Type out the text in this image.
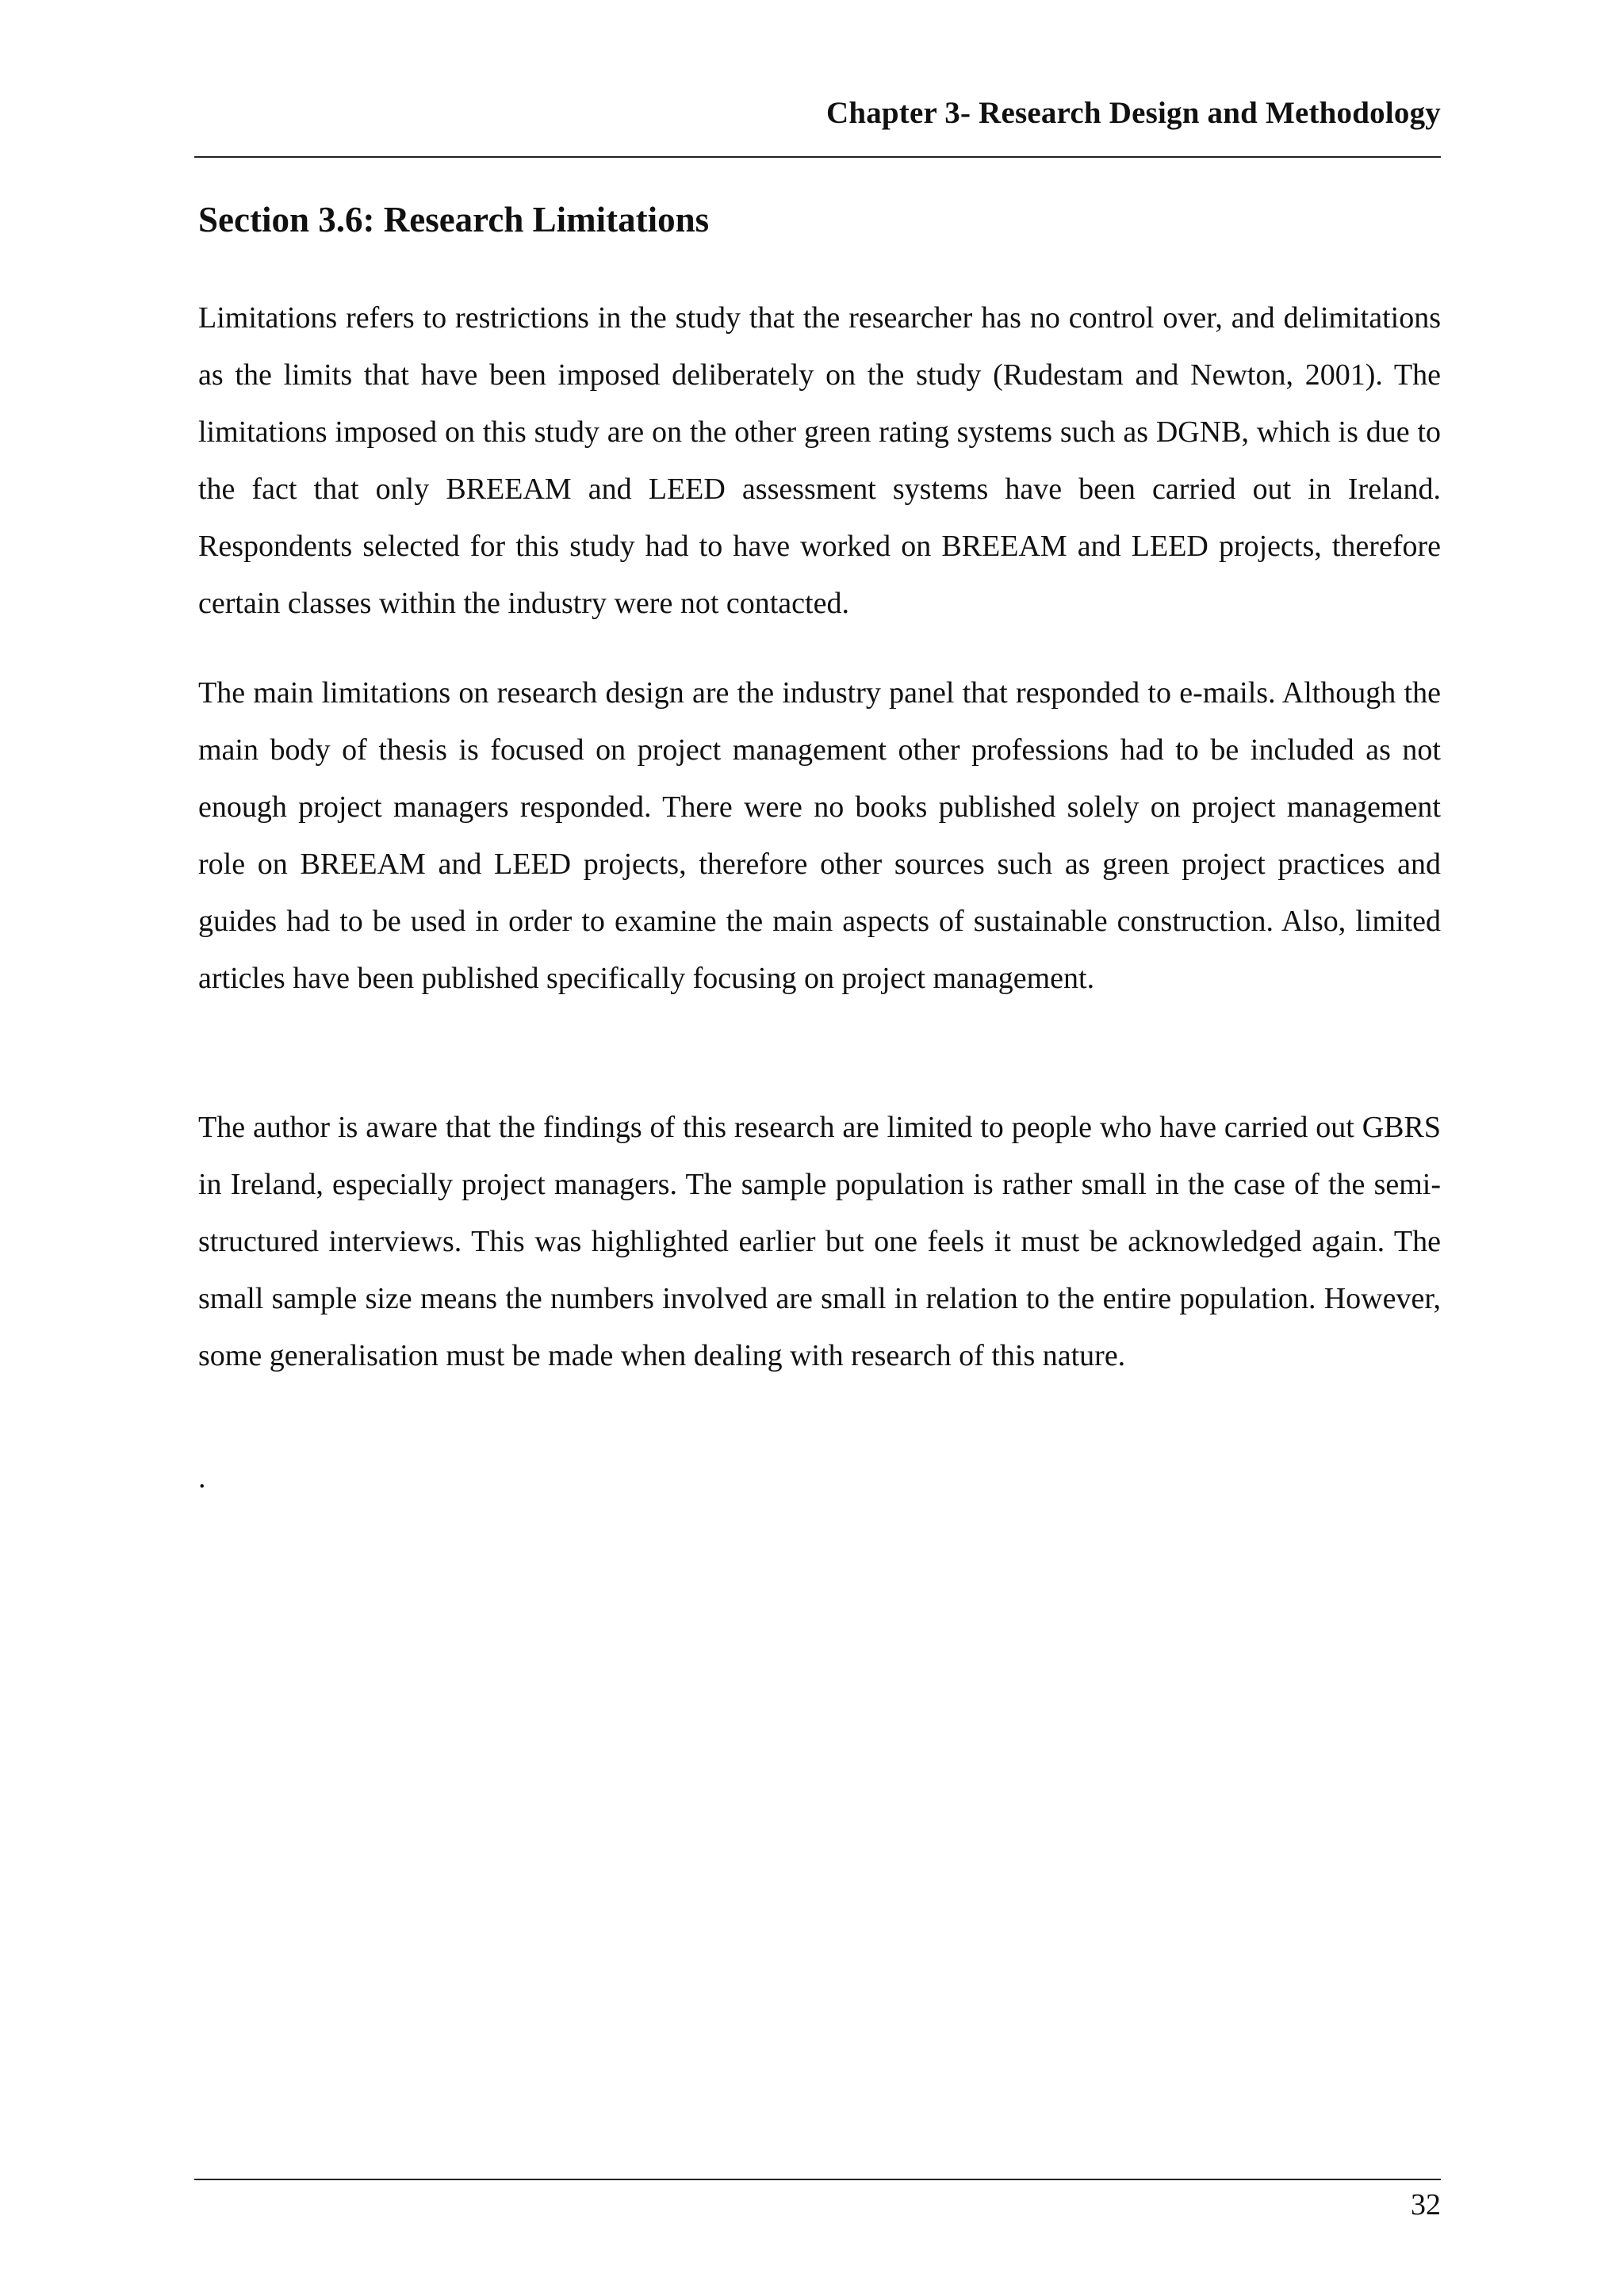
Chapter 3- Research Design and Methodology
Section 3.6: Research Limitations

Limitations refers to restrictions in the study that the researcher has no control over, and delimitations as the limits that have been imposed deliberately on the study (Rudestam and Newton, 2001). The limitations imposed on this study are on the other green rating systems such as DGNB, which is due to the fact that only BREEAM and LEED assessment systems have been carried out in Ireland. Respondents selected for this study had to have worked on BREEAM and LEED projects, therefore certain classes within the industry were not contacted.

The main limitations on research design are the industry panel that responded to e-mails. Although the main body of thesis is focused on project management other professions had to be included as not enough project managers responded. There were no books published solely on project management role on BREEAM and LEED projects, therefore other sources such as green project practices and guides had to be used in order to examine the main aspects of sustainable construction. Also, limited articles have been published specifically focusing on project management.

The author is aware that the findings of this research are limited to people who have carried out GBRS in Ireland, especially project managers. The sample population is rather small in the case of the semi-structured interviews. This was highlighted earlier but one feels it must be acknowledged again. The small sample size means the numbers involved are small in relation to the entire population. However, some generalisation must be made when dealing with research of this nature.

.

32
